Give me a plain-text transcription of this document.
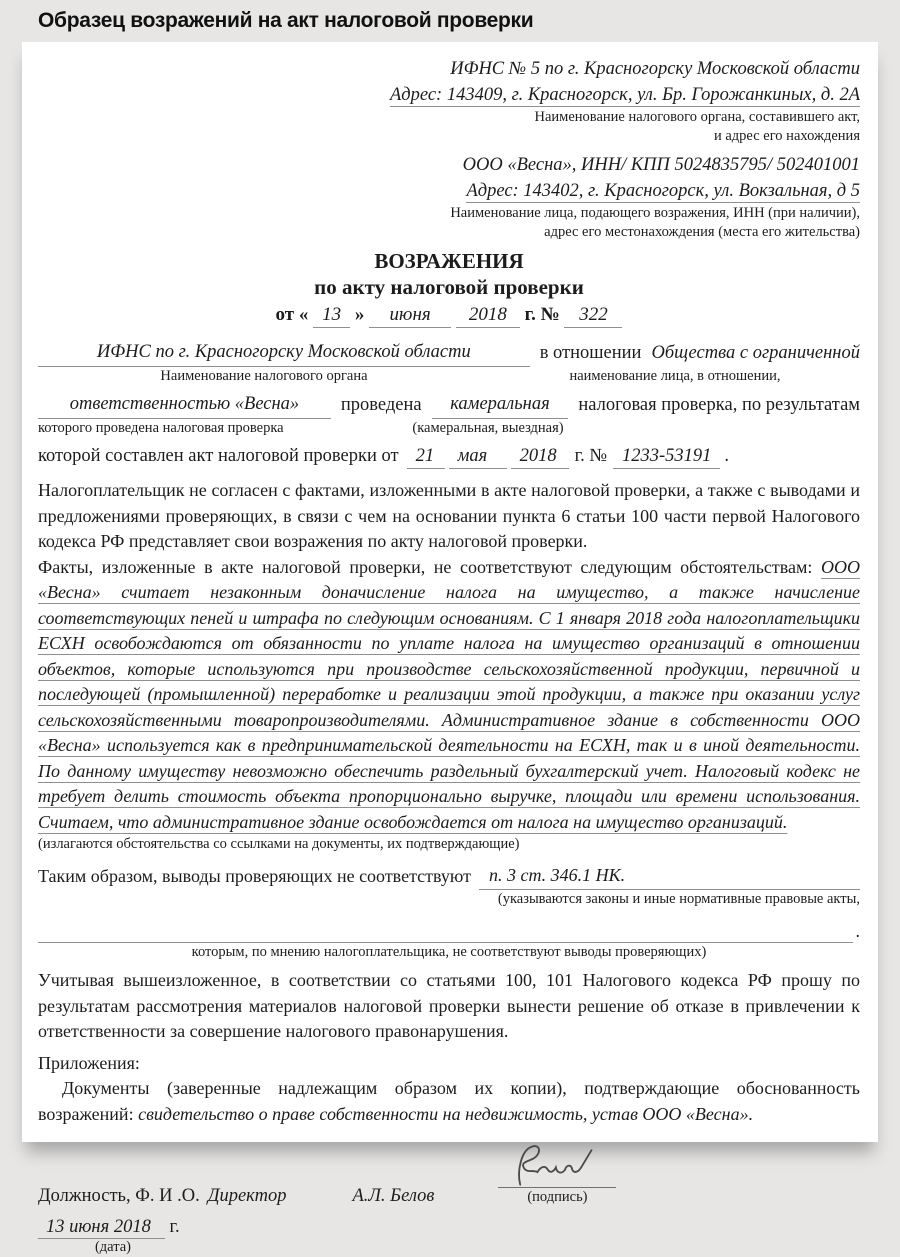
Образец возражений на акт налоговой проверки
ИФНС № 5 по г. Красногорску Московской области
Адрес: 143409, г. Красногорск, ул. Бр. Горожанкиных, д. 2А
Наименование налогового органа, составившего акт,
и адрес его нахождения
ООО «Весна», ИНН/ КПП 5024835795/ 502401001
Адрес: 143402, г. Красногорск, ул. Вокзальная, д 5
Наименование лица, подающего возражения, ИНН (при наличии),
адрес его местонахождения (места его жительства)
ВОЗРАЖЕНИЯ
по акту налоговой проверки
от « 13 » июня 2018 г. № 322
ИФНС по г. Красногорску Московской области	в отношении Общества с ограниченной
Наименование налогового органа	наименование лица, в отношении,
ответственностью «Весна»	проведена	камеральная	налоговая проверка, по результатам
которого проведена налоговая проверка	(камеральная, выездная)
которой составлен акт налоговой проверки от 21	мая	2018 г. № 1233-53191 .
Налогоплательщик не согласен с фактами, изложенными в акте налоговой проверки, а также с выводами и предложениями проверяющих, в связи с чем на основании пункта 6 статьи 100 части первой Налогового кодекса РФ представляет свои возражения по акту налоговой проверки.
Факты, изложенные в акте налоговой проверки, не соответствуют следующим обстоятельствам: ООО «Весна» считает незаконным доначисление налога на имущество, а также начисление соответствующих пеней и штрафа по следующим основаниям. С 1 января 2018 года налогоплательщики ЕСХН освобождаются от обязанности по уплате налога на имущество организаций в отношении объектов, которые используются при производстве сельскохозяйственной продукции, первичной и последующей (промышленной) переработке и реализации этой продукции, а также при оказании услуг сельскохозяйственными товаропроизводителями. Административное здание в собственности ООО «Весна» используется как в предпринимательской деятельности на ЕСХН, так и в иной деятельности. По данному имуществу невозможно обеспечить раздельный бухгалтерский учет. Налоговый кодекс не требует делить стоимость объекта пропорционально выручке, площади или времени использования. Считаем, что административное здание освобождается от налога на имущество организаций.
(излагаются обстоятельства со ссылками на документы, их подтверждающие)
Таким образом, выводы проверяющих не соответствуют	п. 3 ст. 346.1 НК.
(указываются законы и иные нормативные правовые акты,
.
которым, по мнению налогоплательщика, не соответствуют выводы проверяющих)
Учитывая вышеизложенное, в соответствии со статьями 100, 101 Налогового кодекса РФ прошу по результатам рассмотрения материалов налоговой проверки вынести решение об отказе в привлечении к ответственности за совершение налогового правонарушения.
Приложения:
Документы (заверенные надлежащим образом их копии), подтверждающие обоснованность возражений: свидетельство о праве собственности на недвижимость, устав ООО «Весна».
Должность, Ф. И .О. Директор	А.Л. Белов	(подпись)
13 июня 2018 г.
(дата)
